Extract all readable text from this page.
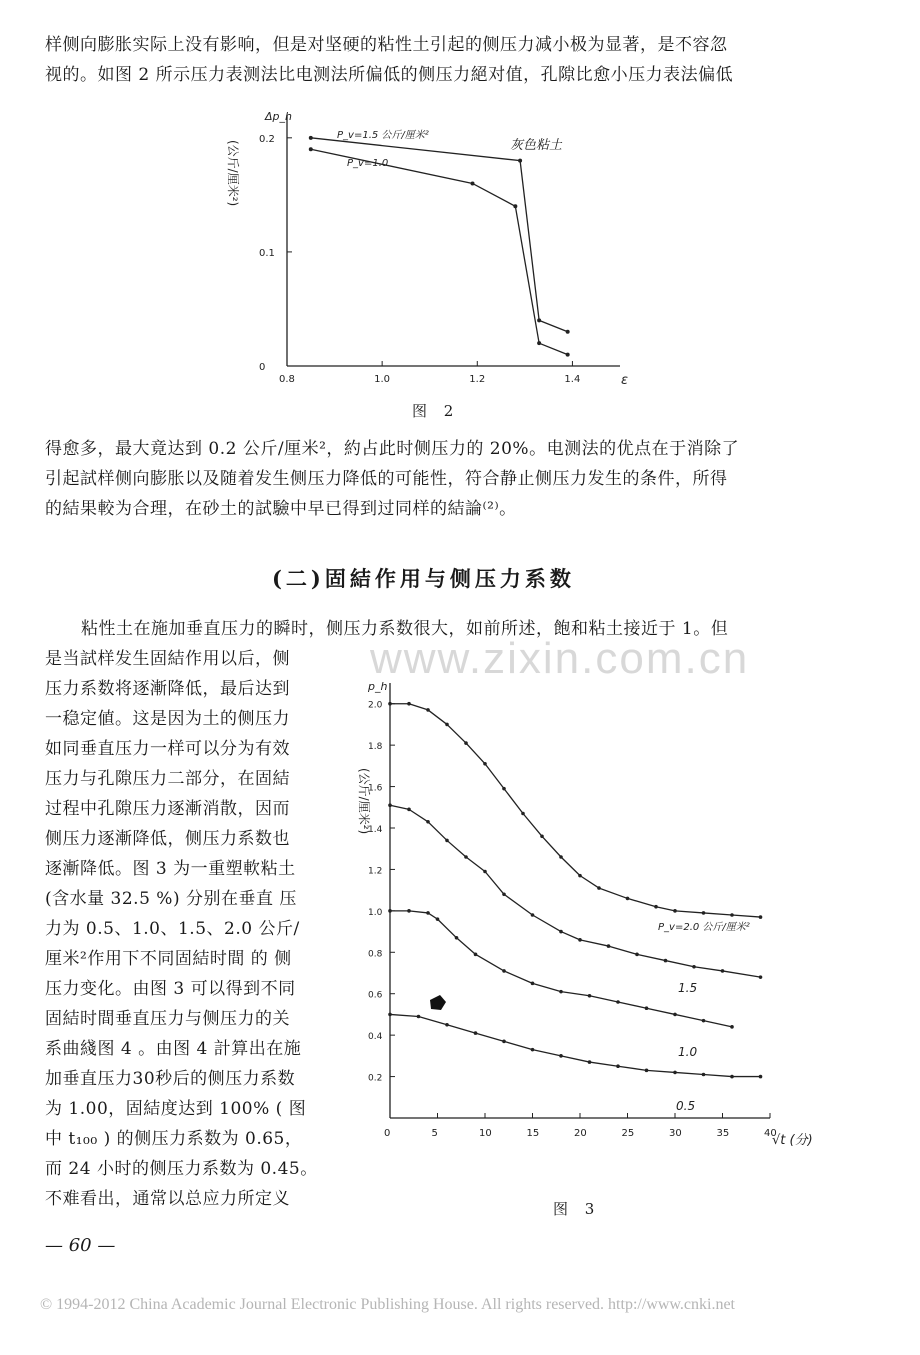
样侧向膨胀实际上没有影响，但是对坚硬的粘性土引起的侧压力减小极为显著，是不容忽
视的。如图 2 所示压力表测法比电测法所偏低的侧压力絕对值，孔隙比愈小压力表法偏低
0.8	1.0	1.2	1.4
0
0.1
0.2	灰色粘土
Δp_h
ε
(公斤/厘米²)
P_v=1.5 公斤/厘米²
P_v=1.0
图 2
得愈多，最大竟达到 0.2 公斤/厘米²，約占此时侧压力的 20%。电测法的优点在于消除了
引起試样侧向膨胀以及随着发生侧压力降低的可能性，符合静止侧压力发生的条件，所得
的結果較为合理，在砂土的試驗中早已得到过同样的結論⁽²⁾。
(二)固結作用与侧压力系数
粘性土在施加垂直压力的瞬时，侧压力系数很大，如前所述，飽和粘土接近于 1。但
是当試样发生固結作用以后，侧
压力系数将逐漸降低，最后达到
一稳定値。这是因为土的侧压力
如同垂直压力一样可以分为有效
压力与孔隙压力二部分，在固結
过程中孔隙压力逐漸消散，因而
侧压力逐漸降低，侧压力系数也
逐漸降低。图 3 为一重塑軟粘土
(含水量 32.5 %) 分别在垂直 压
力为 0.5、1.0、1.5、2.0 公斤/
厘米²作用下不同固結时間 的 侧
压力变化。由图 3 可以得到不同
固結时間垂直压力与侧压力的关
系曲綫图 4 。由图 4 計算出在施
加垂直压力30秒后的侧压力系数
为 1.00，固結度达到 100% ( 图
中 t₁₀₀ ) 的侧压力系数为 0.65，
而 24 小时的侧压力系数为 0.45。
不难看出，通常以总应力所定义
www.zixin.com.cn
0	5	10	15	20	25	30	35	40
0.2
0.4
0.6
0.8
1.0
1.2
1.4
1.6
1.8
2.0
p_h
(公斤/厘米²)
√t (分)
P_v=2.0 公斤/厘米²
1.5
1.0
0.5
图 3
— 60 —
© 1994-2012 China Academic Journal Electronic Publishing House. All rights reserved. http://www.cnki.net
